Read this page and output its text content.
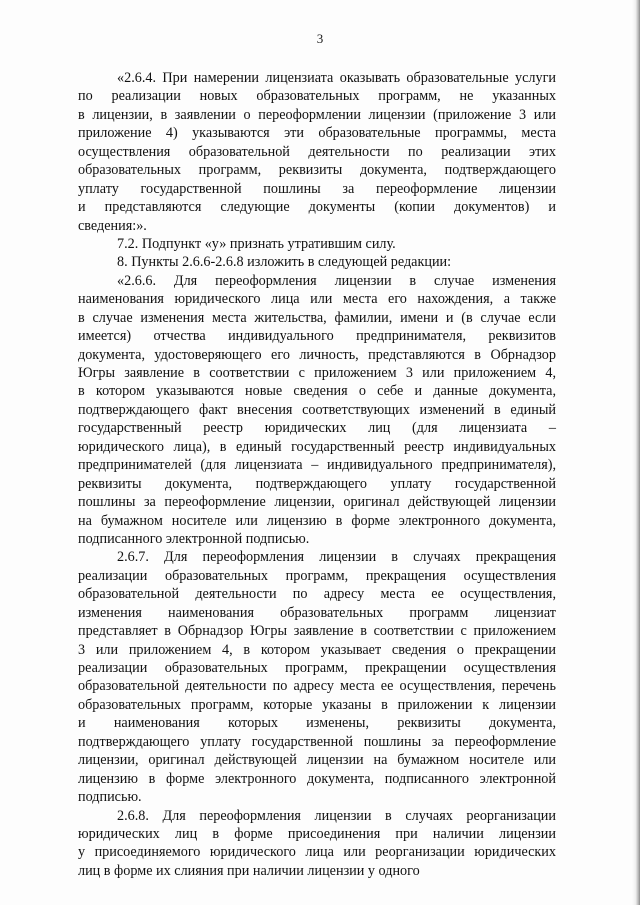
3
«2.6.4. При намерении лицензиата оказывать образовательные услуги
по реализации новых образовательных программ, не указанных
в лицензии, в заявлении о переоформлении лицензии (приложение 3 или
приложение 4) указываются эти образовательные программы, места
осуществления образовательной деятельности по реализации этих
образовательных программ, реквизиты документа, подтверждающего
уплату государственной пошлины за переоформление лицензии
и представляются следующие документы (копии документов) и
сведения:».
7.2. Подпункт «у» признать утратившим силу.
8. Пункты 2.6.6-2.6.8 изложить в следующей редакции:
«2.6.6. Для переоформления лицензии в случае изменения
наименования юридического лица или места его нахождения, а также
в случае изменения места жительства, фамилии, имени и (в случае если
имеется) отчества индивидуального предпринимателя, реквизитов
документа, удостоверяющего его личность, представляются в Обрнадзор
Югры заявление в соответствии с приложением 3 или приложением 4,
в котором указываются новые сведения о себе и данные документа,
подтверждающего факт внесения соответствующих изменений в единый
государственный реестр юридических лиц (для лицензиата –
юридического лица), в единый государственный реестр индивидуальных
предпринимателей (для лицензиата – индивидуального предпринимателя),
реквизиты документа, подтверждающего уплату государственной
пошлины за переоформление лицензии, оригинал действующей лицензии
на бумажном носителе или лицензию в форме электронного документа,
подписанного электронной подписью.
2.6.7. Для переоформления лицензии в случаях прекращения
реализации образовательных программ, прекращения осуществления
образовательной деятельности по адресу места ее осуществления,
изменения наименования образовательных программ лицензиат
представляет в Обрнадзор Югры заявление в соответствии с приложением
3 или приложением 4, в котором указывает сведения о прекращении
реализации образовательных программ, прекращении осуществления
образовательной деятельности по адресу места ее осуществления, перечень
образовательных программ, которые указаны в приложении к лицензии
и наименования которых изменены, реквизиты документа,
подтверждающего уплату государственной пошлины за переоформление
лицензии, оригинал действующей лицензии на бумажном носителе или
лицензию в форме электронного документа, подписанного электронной
подписью.
2.6.8. Для переоформления лицензии в случаях реорганизации
юридических лиц в форме присоединения при наличии лицензии
у присоединяемого юридического лица или реорганизации юридических
лиц в форме их слияния при наличии лицензии у одного
